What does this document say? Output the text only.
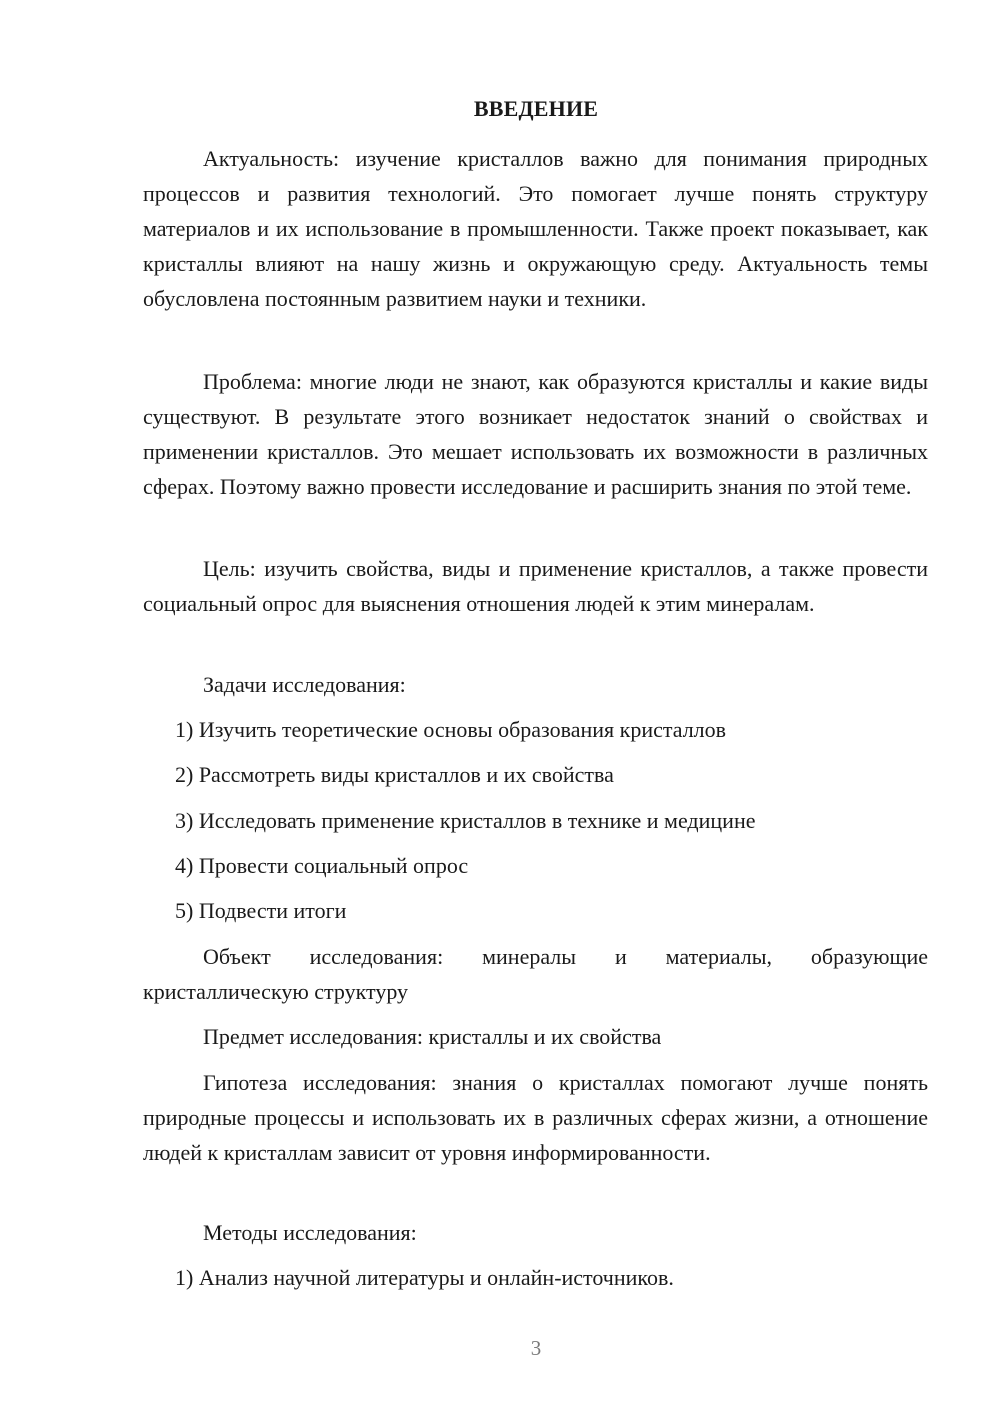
ВВЕДЕНИЕ

Актуальность: изучение кристаллов важно для понимания природных процессов и развития технологий. Это помогает лучше понять структуру материалов и их использование в промышленности. Также проект показывает, как кристаллы влияют на нашу жизнь и окружающую среду. Актуальность темы обусловлена постоянным развитием науки и техники.

Проблема: многие люди не знают, как образуются кристаллы и какие виды существуют. В результате этого возникает недостаток знаний о свойствах и применении кристаллов. Это мешает использовать их возможности в различных сферах. Поэтому важно провести исследование и расширить знания по этой теме.

Цель: изучить свойства, виды и применение кристаллов, а также провести социальный опрос для выяснения отношения людей к этим минералам.

Задачи исследования:

1) Изучить теоретические основы образования кристаллов

2) Рассмотреть виды кристаллов и их свойства

3) Исследовать применение кристаллов в технике и медицине

4) Провести социальный опрос

5) Подвести итоги

Объект исследования: минералы и материалы, образующие кристаллическую структуру

Предмет исследования: кристаллы и их свойства

Гипотеза исследования: знания о кристаллах помогают лучше понять природные процессы и использовать их в различных сферах жизни, а отношение людей к кристаллам зависит от уровня информированности.

Методы исследования:

1) Анализ научной литературы и онлайн-источников.

3
